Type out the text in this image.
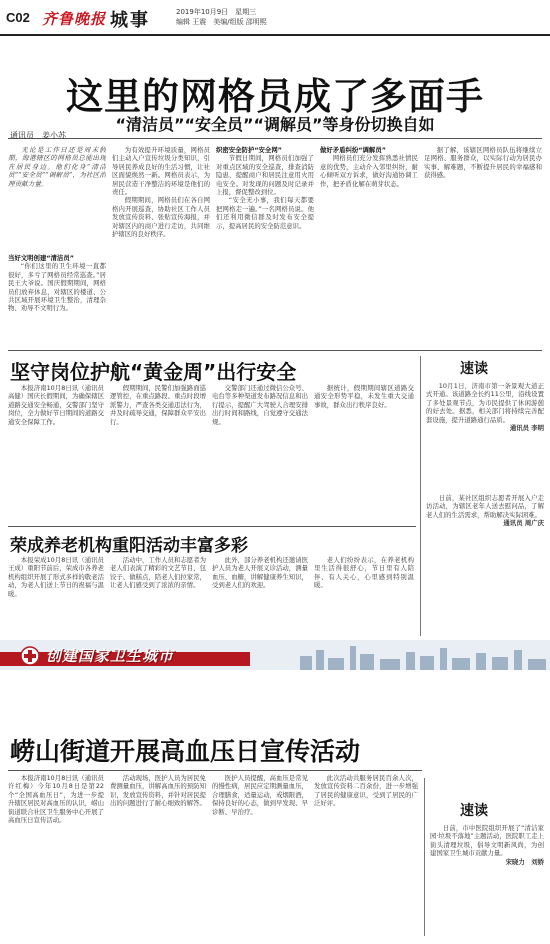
C02 齐鲁晚报 城事	2019年10月9日　星期三
编辑 王震　美编/组版 邵明熙
这里的网格员成了多面手
“清洁员”“安全员”“调解员”等身份切换自如
通讯员　姜小苏

无论是工作日还是周末假期，海港辖区的网格员总能出现在居民身边。他们化身“清洁员”“安全员”“调解员”，为社区治理贡献力量。

当好文明创建“清洁员”

“你们这里的卫生环境一直都很好，多亏了网格员经常巡查。”居民王大爷说。国庆假期期间，网格员们放弃休息，对辖区的楼道、公共区域开展环境卫生整治，清理杂物、劝导不文明行为。

为有效提升环境质量，网格员们主动入户宣传垃圾分类知识，引导居民养成良好的生活习惯，让社区面貌焕然一新。网格员表示，为居民营造干净整洁的环境是他们的责任。

假期期间，网格员们在各自网格内开展巡查，协助社区工作人员发放宣传资料、张贴宣传海报，并对辖区内的商户进行走访，共同维护辖区的良好秩序。

织密安全防护“安全网”

节假日期间，网格员们加强了对重点区域的安全巡查，排查消防隐患，提醒商户和居民注意用火用电安全。对发现的问题及时记录并上报，督促整改到位。

“安全无小事，我们每天都要把网格走一遍。”一名网格员说。他们还利用微信群及时发布安全提示，提高居民的安全防范意识。

做好矛盾纠纷“调解员”

网格员们充分发挥熟悉社情民意的优势，主动介入邻里纠纷，耐心倾听双方诉求，做好沟通协调工作，把矛盾化解在萌芽状态。

据了解，该辖区网格员队伍将继续立足网格、服务群众，以实际行动为居民办实事、解难题，不断提升居民的幸福感和获得感。

坚守岗位护航“黄金周”出行安全

本报济南10月8日讯（通讯员 高健）国庆长假期间，为确保辖区道路交通安全畅通，交警部门坚守岗位，全力做好节日期间的道路交通安全保障工作。

假期期间，民警们加强路面巡逻管控，在重点路段、重点时段增派警力，严查各类交通违法行为，并及时疏导交通，保障群众平安出行。

交警部门还通过微信公众号、电台等多种渠道发布路况信息和出行提示，提醒广大驾驶人合理安排出行时间和路线，自觉遵守交通法规。

据统计，假期期间辖区道路交通安全形势平稳，未发生重大交通事故，群众出行秩序良好。

荣成养老机构重阳活动丰富多彩

本报荣成10月8日讯（通讯员 王成）重阳节前后，荣成市各养老机构组织开展了形式多样的敬老活动，为老人们送上节日的祝福与温暖。

活动中，工作人员和志愿者为老人们表演了精彩的文艺节目，包饺子、做糕点，陪老人们拉家常，让老人们感受到了浓浓的亲情。

此外，部分养老机构还邀请医护人员为老人开展义诊活动，测量血压、血糖，讲解健康养生知识，受到老人们的欢迎。

老人们纷纷表示，在养老机构里生活得很舒心，节日里有人陪伴、有人关心，心里感到特别温暖。

速读

10月1日，济南市第一条景观大道正式开通。该道路全长约11公里，沿线设置了多处景观节点，为市民提供了休闲游憩的好去处。据悉，相关部门将持续完善配套设施，提升道路通行品质。

通讯员 李明

日前，某社区组织志愿者开展入户走访活动，为辖区老年人送去慰问品，了解老人们的生活需求，帮助解决实际困难。

通讯员 周广庆

创建国家卫生城市
崂山街道开展高血压日宣传活动

本报济南10月8日讯（通讯员 许红梅）今年10月8日是第22个“全国高血压日”，为进一步提升辖区居民对高血压的认识，崂山街道联合社区卫生服务中心开展了高血压日宣传活动。

活动现场，医护人员为居民免费测量血压，讲解高血压的预防知识，发放宣传资料，并针对居民提出的问题进行了耐心细致的解答。

医护人员提醒，高血压是常见的慢性病，居民应定期测量血压，合理膳食，适量运动，戒烟限酒，保持良好的心态，做到早发现、早诊断、早治疗。

此次活动共服务居民百余人次，发放宣传资料二百余份，进一步增强了居民的健康意识，受到了居民的广泛好评。	速读

日前，市中医院组织开展了“清洁家园·垃圾不落地”主题活动，医院职工走上街头清理垃圾，倡导文明新风尚，为创建国家卫生城市贡献力量。

宋晓力　刘娇
